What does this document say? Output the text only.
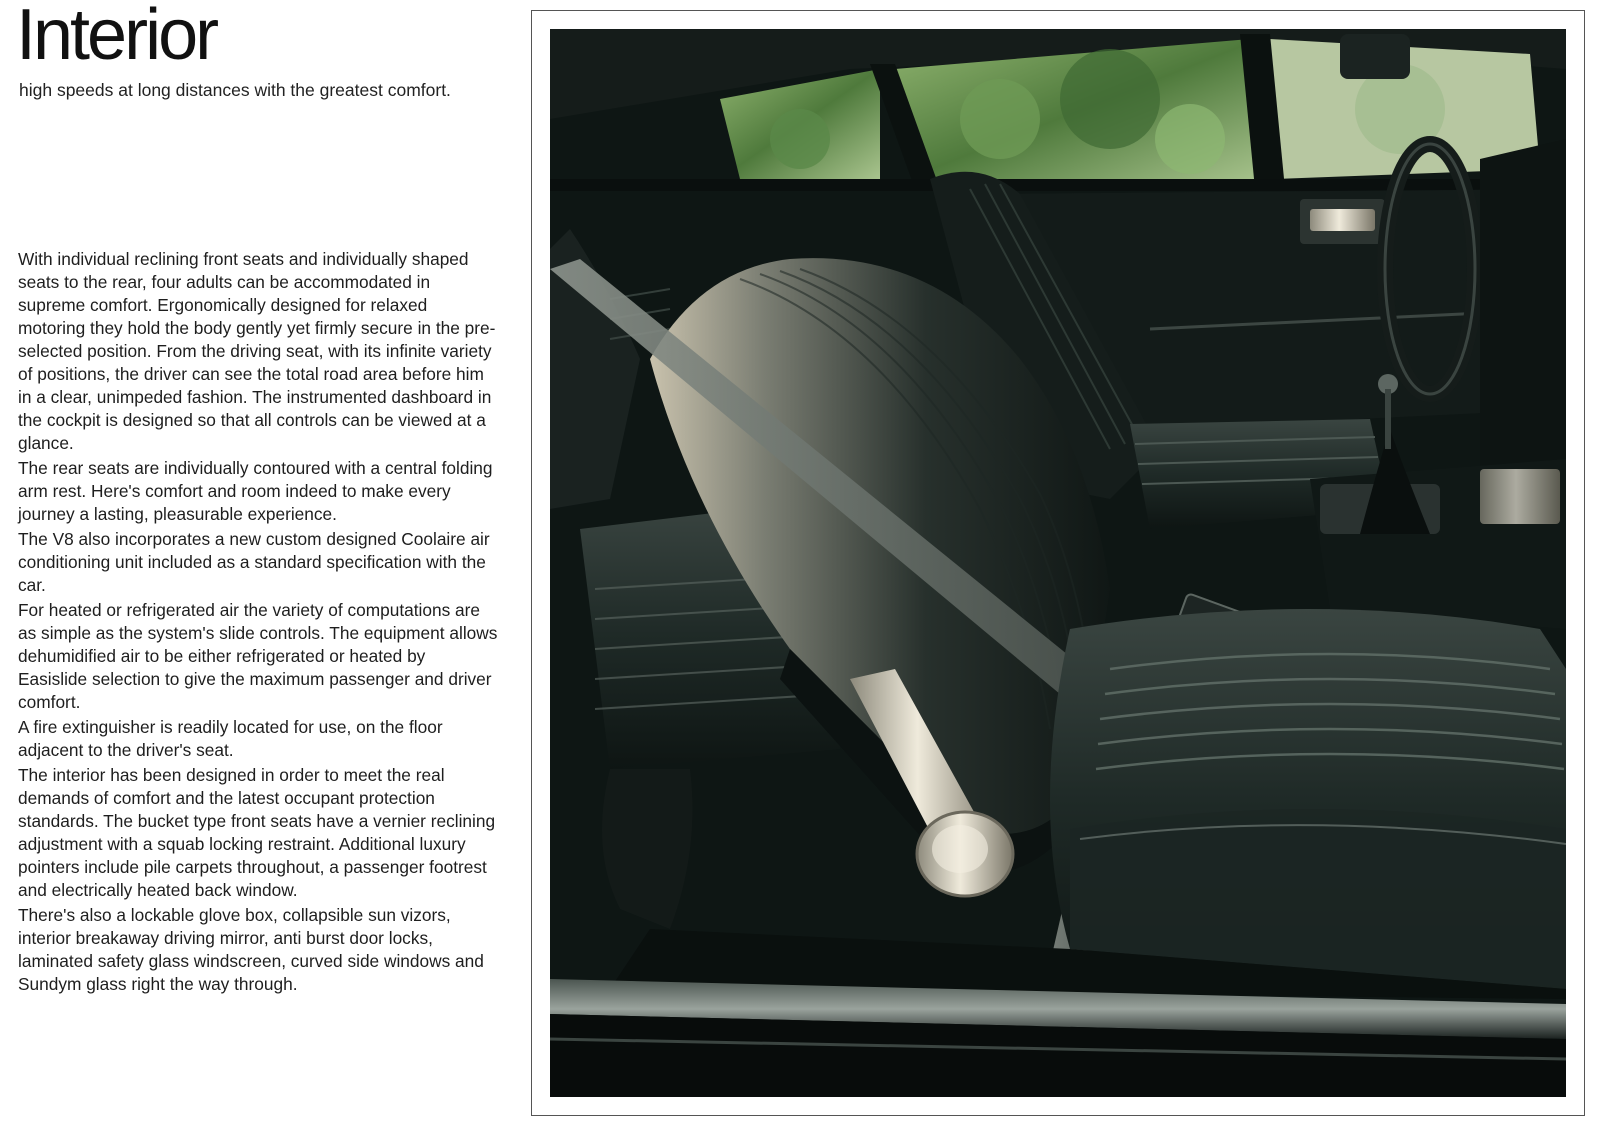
Interior

high speeds at long distances with the greatest comfort.

With individual reclining front seats and individually shaped seats to the rear, four adults can be accommodated in supreme comfort. Ergonomically designed for relaxed motoring they hold the body gently yet firmly secure in the pre-selected position. From the driving seat, with its infinite variety of positions, the driver can see the total road area before him in a clear, unimpeded fashion. The instrumented dashboard in the cockpit is designed so that all controls can be viewed at a glance.

The rear seats are individually contoured with a central folding arm rest. Here's comfort and room indeed to make every journey a lasting, pleasurable experience.

The V8 also incorporates a new custom designed Coolaire air conditioning unit included as a standard specification with the car.

For heated or refrigerated air the variety of computations are as simple as the system's slide controls. The equipment allows dehumidified air to be either refrigerated or heated by Easislide selection to give the maximum passenger and driver comfort.

A fire extinguisher is readily located for use, on the floor adjacent to the driver's seat.

The interior has been designed in order to meet the real demands of comfort and the latest occupant protection standards. The bucket type front seats have a vernier reclining adjustment with a squab locking restraint. Additional luxury pointers include pile carpets throughout, a passenger footrest and electrically heated back window.

There's also a lockable glove box, collapsible sun vizors, interior breakaway driving mirror, anti burst door locks, laminated safety glass windscreen, curved side windows and Sundym glass right the way through.
